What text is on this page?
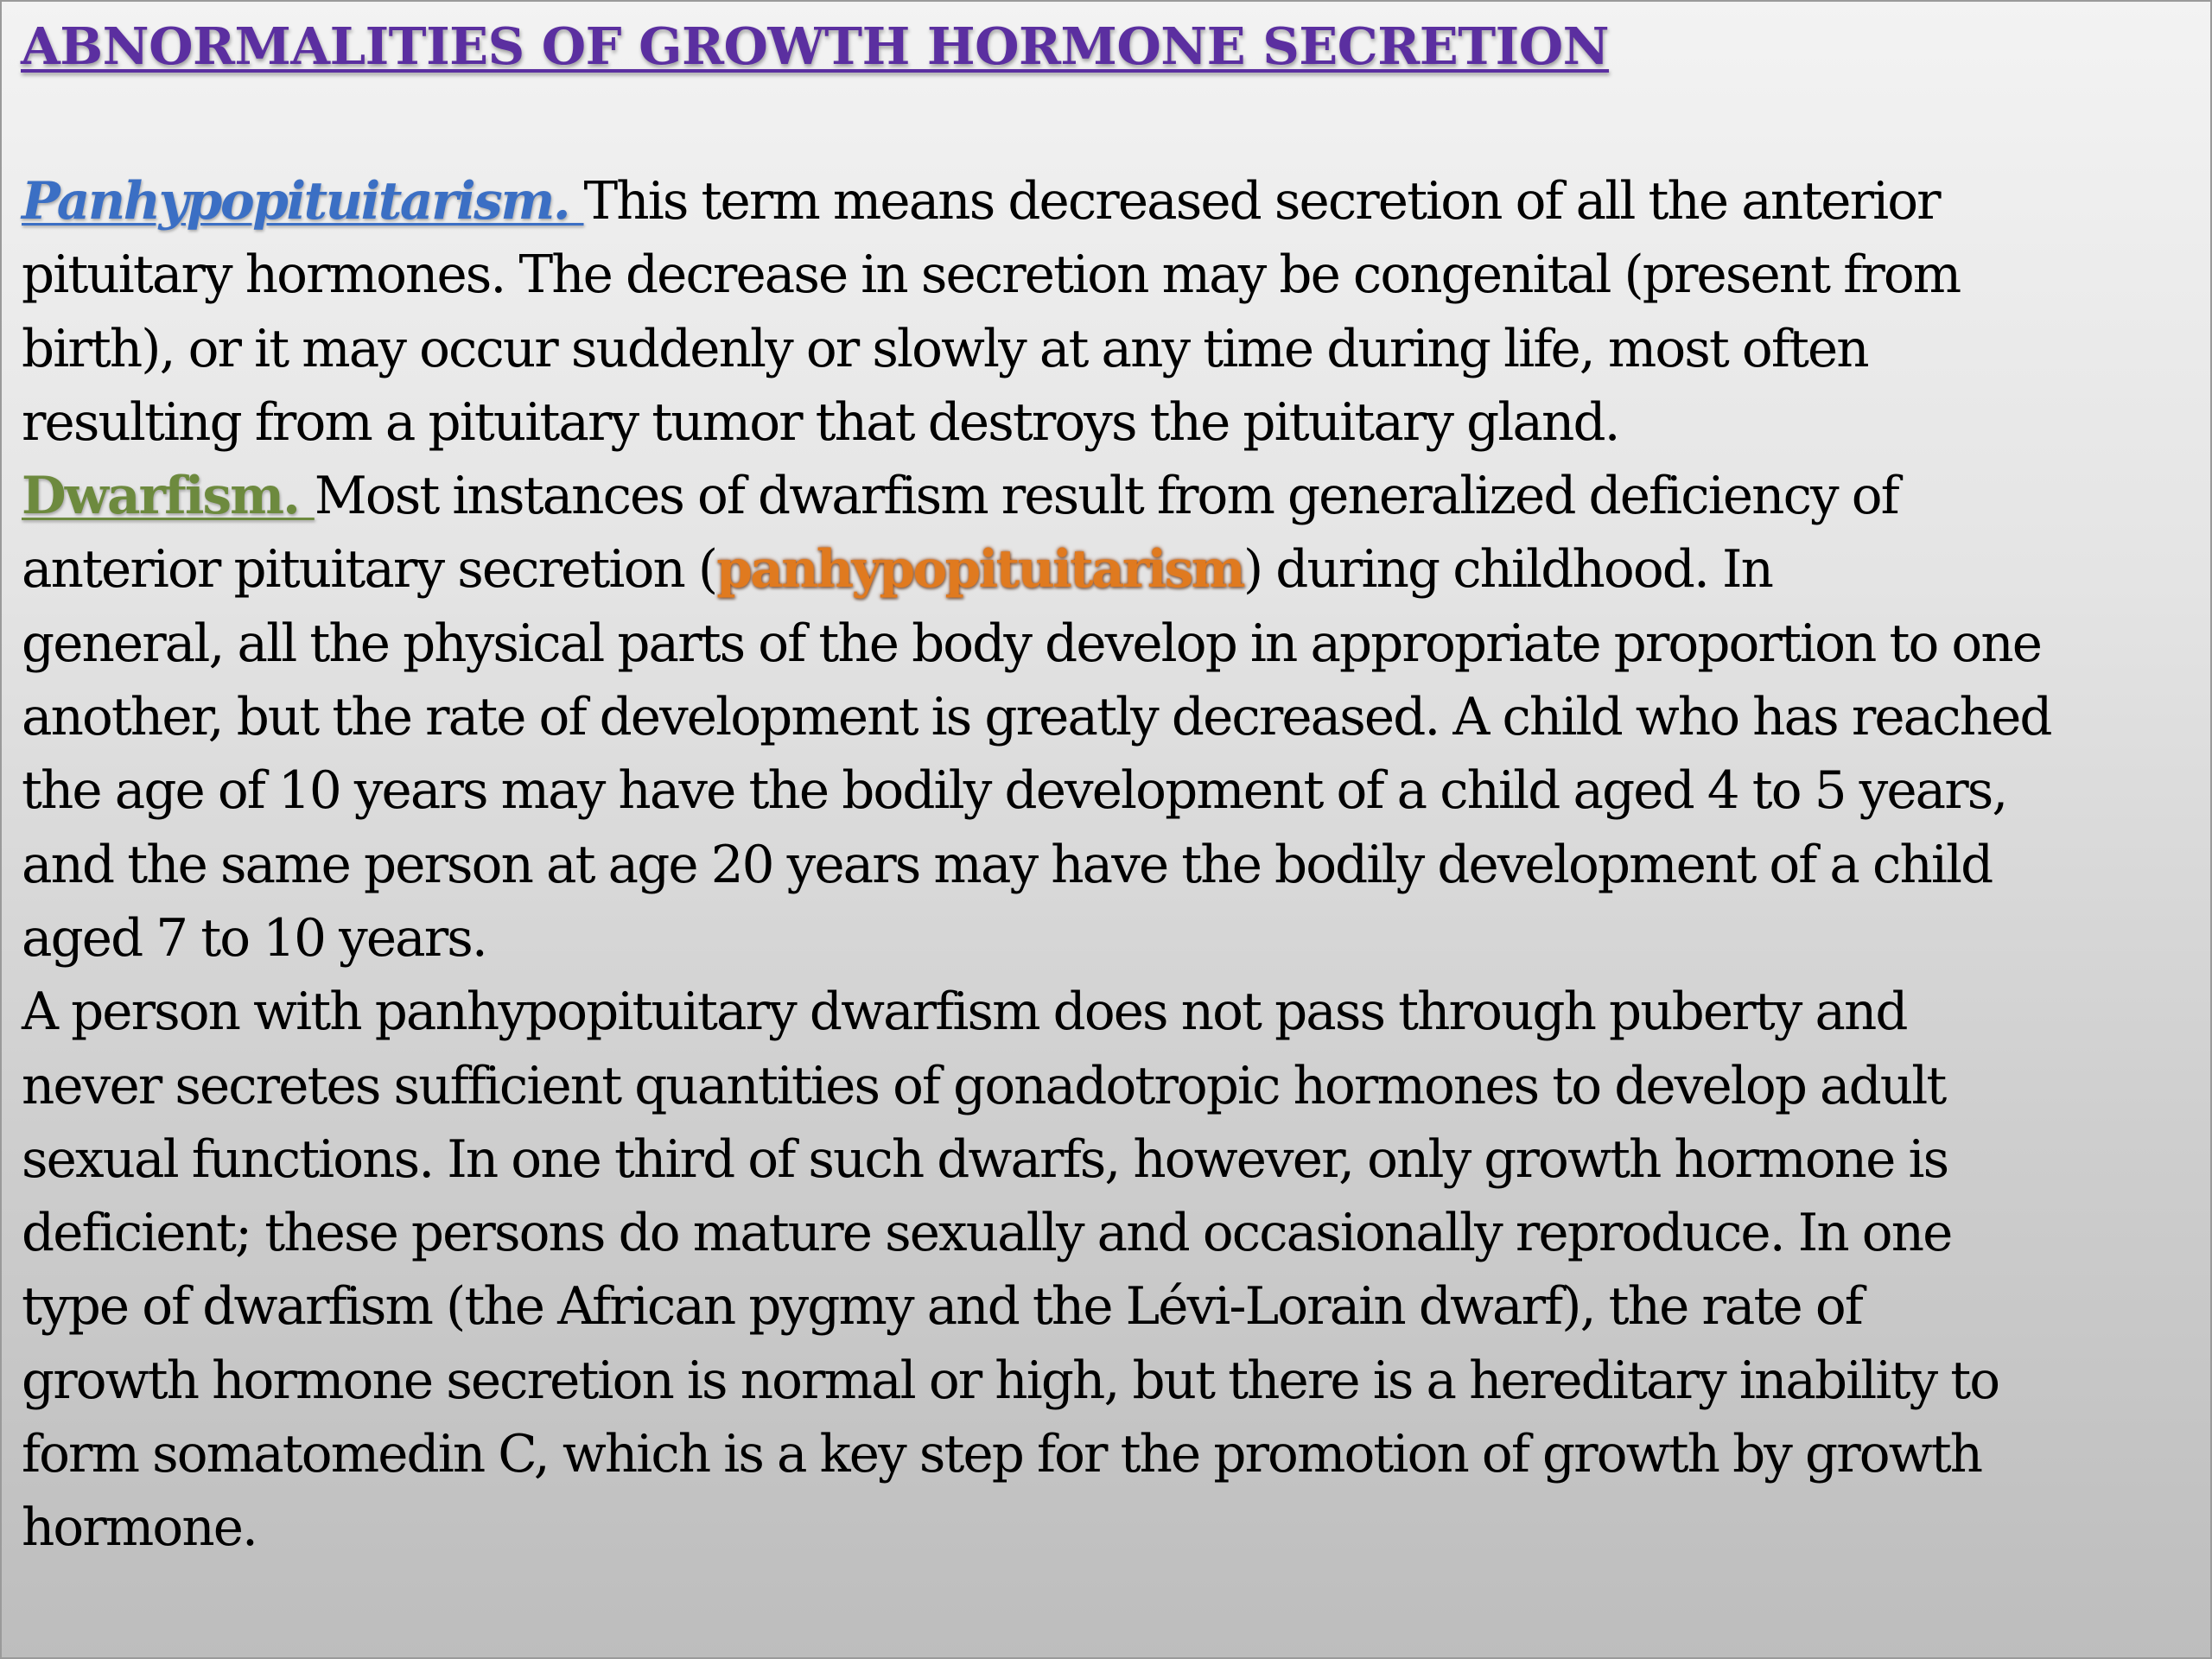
ABNORMALITIES OF GROWTH HORMONE SECRETION
Panhypopituitarism. This term means decreased secretion of all the anterior
pituitary hormones. The decrease in secretion may be congenital (present from
birth), or it may occur suddenly or slowly at any time during life, most often
resulting from a pituitary tumor that destroys the pituitary gland.
Dwarfism. Most instances of dwarfism result from generalized deficiency of
anterior pituitary secretion (panhypopituitarism) during childhood. In
general, all the physical parts of the body develop in appropriate proportion to one
another, but the rate of development is greatly decreased. A child who has reached
the age of 10 years may have the bodily development of a child aged 4 to 5 years,
and the same person at age 20 years may have the bodily development of a child
aged 7 to 10 years.
A person with panhypopituitary dwarfism does not pass through puberty and
never secretes sufficient quantities of gonadotropic hormones to develop adult
sexual functions. In one third of such dwarfs, however, only growth hormone is
deficient; these persons do mature sexually and occasionally reproduce. In one
type of dwarfism (the African pygmy and the Lévi-Lorain dwarf), the rate of
growth hormone secretion is normal or high, but there is a hereditary inability to
form somatomedin C, which is a key step for the promotion of growth by growth
hormone.
